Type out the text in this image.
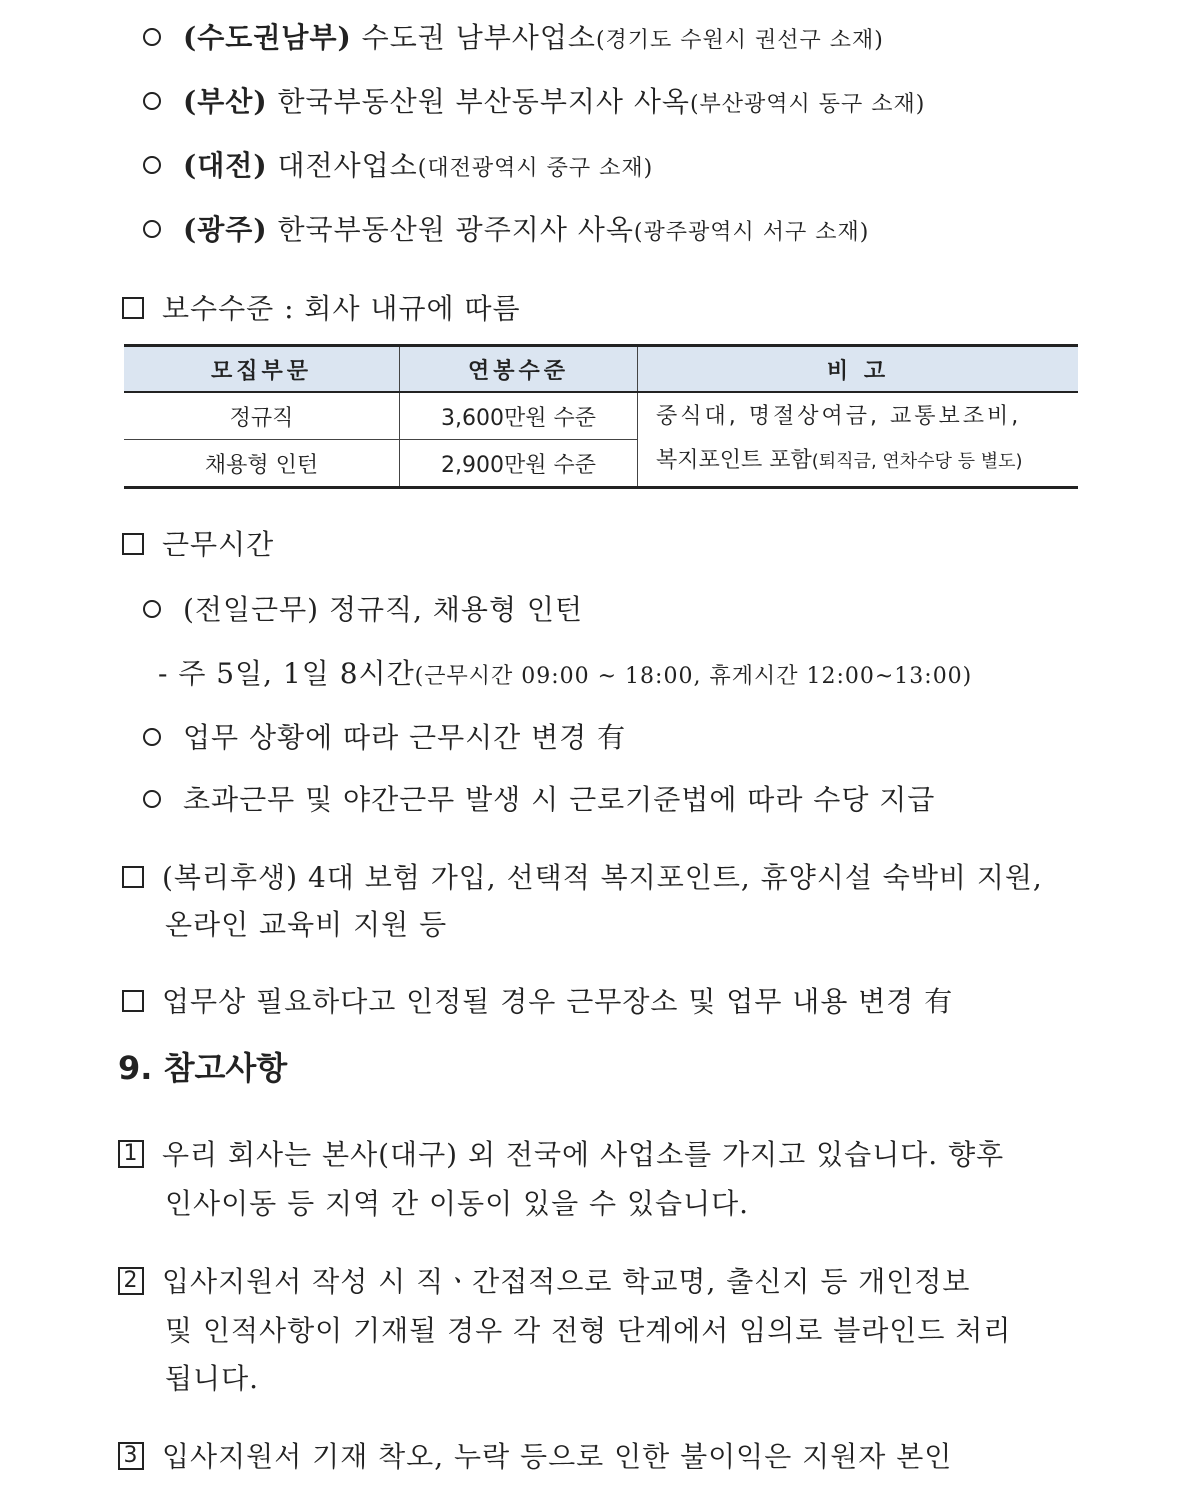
(수도권남부) 수도권 남부사업소(경기도 수원시 권선구 소재)
(부산) 한국부동산원 부산동부지사 사옥(부산광역시 동구 소재)
(대전) 대전사업소(대전광역시 중구 소재)
(광주) 한국부동산원 광주지사 사옥(광주광역시 서구 소재)
보수수준 : 회사 내규에 따름
모집부문	연봉수준	비 고
정규직	3,600만원 수준	중식대, 명절상여금, 교통보조비,
복지포인트 포함(퇴직금, 연차수당 등 별도)

채용형 인턴	2,900만원 수준	
근무시간
(전일근무) 정규직, 채용형 인턴
- 주 5일, 1일 8시간(근무시간 09:00 ~ 18:00, 휴게시간 12:00~13:00)
업무 상황에 따라 근무시간 변경 有
초과근무 및 야간근무 발생 시 근로기준법에 따라 수당 지급
(복리후생) 4대 보험 가입, 선택적 복지포인트, 휴양시설 숙박비 지원,
온라인 교육비 지원 등
업무상 필요하다고 인정될 경우 근무장소 및 업무 내용 변경 有
9. 참고사항
1 우리 회사는 본사(대구) 외 전국에 사업소를 가지고 있습니다. 향후
인사이동 등 지역 간 이동이 있을 수 있습니다.
2 입사지원서 작성 시 직ㆍ간접적으로 학교명, 출신지 등 개인정보
및 인적사항이 기재될 경우 각 전형 단계에서 임의로 블라인드 처리
됩니다.
3 입사지원서 기재 착오, 누락 등으로 인한 불이익은 지원자 본인
